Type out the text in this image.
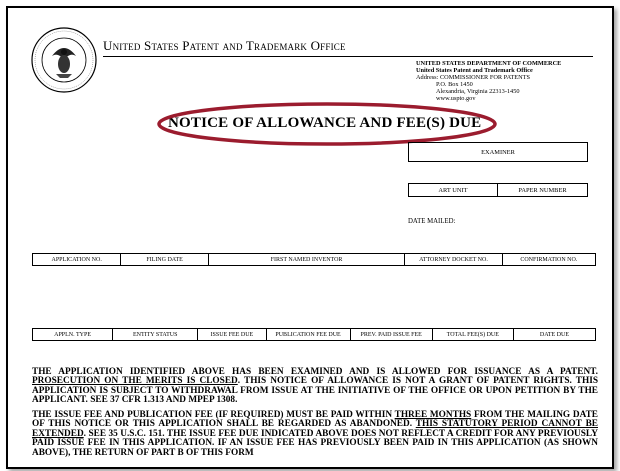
United States Patent and Trademark Office
UNITED STATES DEPARTMENT OF COMMERCE
United States Patent and Trademark Office
Address: COMMISSIONER FOR PATENTS
P.O. Box 1450
Alexandria, Virginia 22313-1450
www.uspto.gov
NOTICE OF ALLOWANCE AND FEE(S) DUE
EXAMINER
ART UNIT	PAPER NUMBER
DATE MAILED:
APPLICATION NO.	FILING DATE	FIRST NAMED INVENTOR	ATTORNEY DOCKET NO.	CONFIRMATION NO.
APPLN. TYPE	ENTITY STATUS	ISSUE FEE DUE	PUBLICATION FEE DUE	PREV. PAID ISSUE FEE	TOTAL FEE(S) DUE	DATE DUE
THE APPLICATION IDENTIFIED ABOVE HAS BEEN EXAMINED AND IS ALLOWED FOR ISSUANCE AS A PATENT. PROSECUTION ON THE MERITS IS CLOSED. THIS NOTICE OF ALLOWANCE IS NOT A GRANT OF PATENT RIGHTS. THIS APPLICATION IS SUBJECT TO WITHDRAWAL FROM ISSUE AT THE INITIATIVE OF THE OFFICE OR UPON PETITION BY THE APPLICANT. SEE 37 CFR 1.313 AND MPEP 1308.
THE ISSUE FEE AND PUBLICATION FEE (IF REQUIRED) MUST BE PAID WITHIN THREE MONTHS FROM THE MAILING DATE OF THIS NOTICE OR THIS APPLICATION SHALL BE REGARDED AS ABANDONED. THIS STATUTORY PERIOD CANNOT BE EXTENDED. SEE 35 U.S.C. 151. THE ISSUE FEE DUE INDICATED ABOVE DOES NOT REFLECT A CREDIT FOR ANY PREVIOUSLY PAID ISSUE FEE IN THIS APPLICATION. IF AN ISSUE FEE HAS PREVIOUSLY BEEN PAID IN THIS APPLICATION (AS SHOWN ABOVE), THE RETURN OF PART B OF THIS FORM
